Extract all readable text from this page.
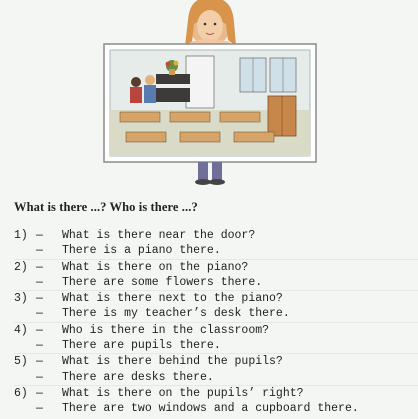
What is there ...? Who is there ...?
1) —	What is there near the door?
—	There is a piano there.
2) —	What is there on the piano?
—	There are some flowers there.
3) —	What is there next to the piano?
—	There is my teacher’s desk there.
4) —	Who is there in the classroom?
—	There are pupils there.
5) —	What is there behind the pupils?
—	There are desks there.
6) —	What is there on the pupils’ right?
—	There are two windows and a cupboard there.
